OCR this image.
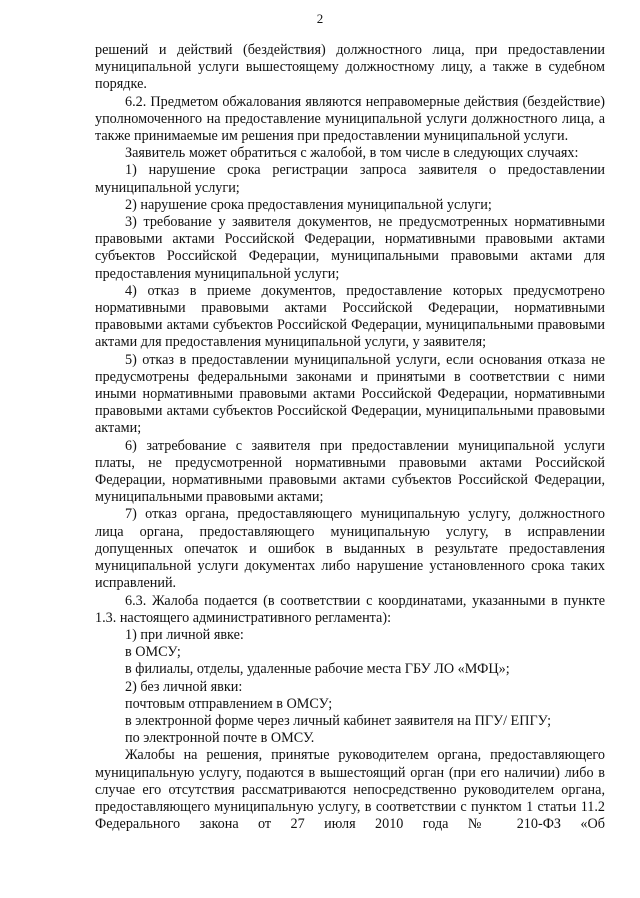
2

решений и действий (бездействия) должностного лица, при предоставлении муниципальной услуги вышестоящему должностному лицу, а также в судебном порядке.

6.2. Предметом обжалования являются неправомерные действия (бездействие) уполномоченного на предоставление муниципальной услуги должностного лица, а также принимаемые им решения при предоставлении муниципальной услуги.

Заявитель может обратиться с жалобой, в том числе в следующих случаях:

1) нарушение срока регистрации запроса заявителя о предоставлении муниципальной услуги;

2) нарушение срока предоставления муниципальной услуги;

3) требование у заявителя документов, не предусмотренных нормативными правовыми актами Российской Федерации, нормативными правовыми актами субъектов Российской Федерации, муниципальными правовыми актами для предоставления муниципальной услуги;

4) отказ в приеме документов, предоставление которых предусмотрено нормативными правовыми актами Российской Федерации, нормативными правовыми актами субъектов Российской Федерации, муниципальными правовыми актами для предоставления муниципальной услуги, у заявителя;

5) отказ в предоставлении муниципальной услуги, если основания отказа не предусмотрены федеральными законами и принятыми в соответствии с ними иными нормативными правовыми актами Российской Федерации, нормативными правовыми актами субъектов Российской Федерации, муниципальными правовыми актами;

6) затребование с заявителя при предоставлении муниципальной услуги платы, не предусмотренной нормативными правовыми актами Российской Федерации, нормативными правовыми актами субъектов Российской Федерации, муниципальными правовыми актами;

7) отказ органа, предоставляющего муниципальную услугу, должностного лица органа, предоставляющего муниципальную услугу, в исправлении допущенных опечаток и ошибок в выданных в результате предоставления муниципальной услуги документах либо нарушение установленного срока таких исправлений.

6.3. Жалоба подается (в соответствии с координатами, указанными в пункте 1.3. настоящего административного регламента):

1) при личной явке:

в ОМСУ;

в филиалы, отделы, удаленные рабочие места ГБУ ЛО «МФЦ»;

2) без личной явки:

почтовым отправлением в ОМСУ;

в электронной форме через личный кабинет заявителя на ПГУ/ ЕПГУ;

по электронной почте в ОМСУ.

Жалобы на решения, принятые руководителем органа, предоставляющего муниципальную услугу, подаются в вышестоящий орган (при его наличии) либо в случае его отсутствия рассматриваются непосредственно руководителем органа, предоставляющего муниципальную услугу, в соответствии с пунктом 1 статьи 11.2 Федерального закона от 27 июля 2010 года № 210-ФЗ «Об
